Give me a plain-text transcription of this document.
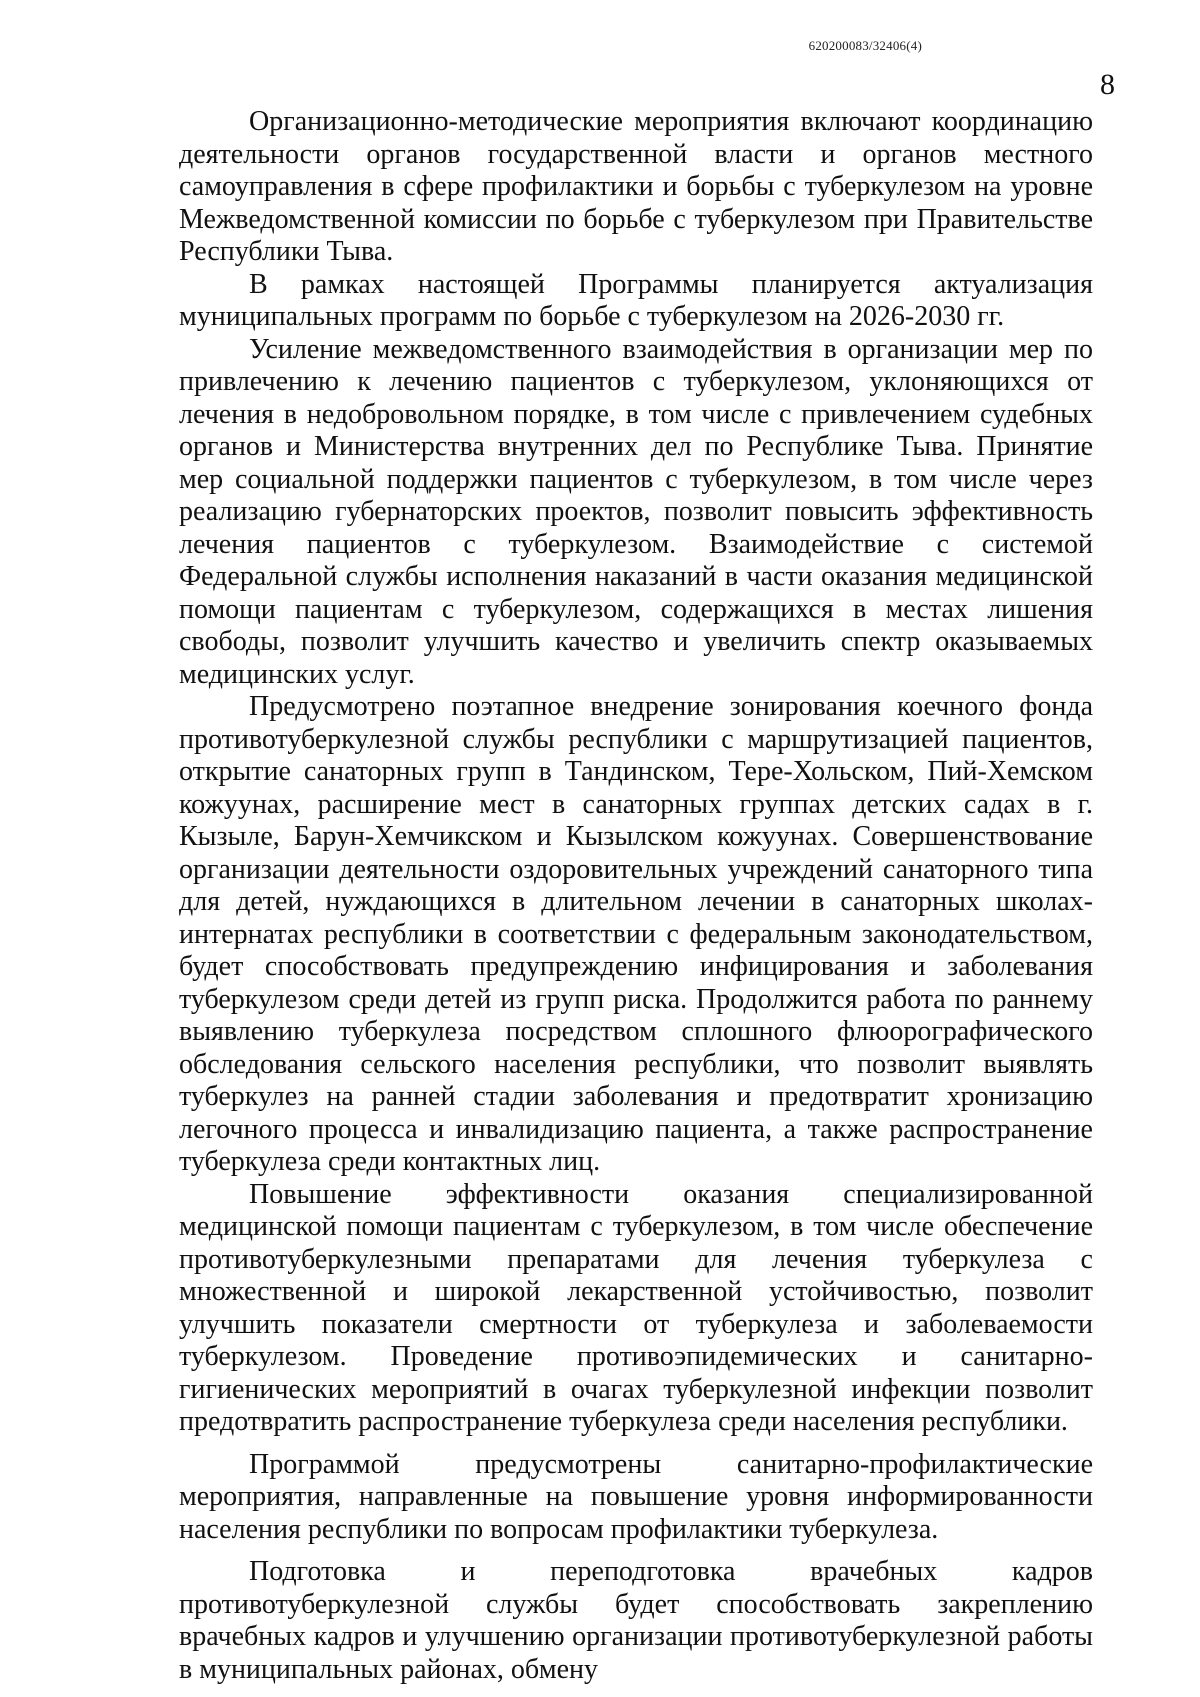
620200083/32406(4)
8

Организационно-методические мероприятия включают координацию деятельности органов государственной власти и органов местного самоуправления в сфере профилактики и борьбы с туберкулезом на уровне Межведомственной комиссии по борьбе с туберкулезом при Правительстве Республики Тыва.

В рамках настоящей Программы планируется актуализация муниципальных программ по борьбе с туберкулезом на 2026-2030 гг.

Усиление межведомственного взаимодействия в организации мер по привлечению к лечению пациентов с туберкулезом, уклоняющихся от лечения в недобровольном порядке, в том числе с привлечением судебных органов и Министерства внутренних дел по Республике Тыва. Принятие мер социальной поддержки пациентов с туберкулезом, в том числе через реализацию губернаторских проектов, позволит повысить эффективность лечения пациентов с туберкулезом. Взаимодействие с системой Федеральной службы исполнения наказаний в части оказания медицинской помощи пациентам с туберкулезом, содержащихся в местах лишения свободы, позволит улучшить качество и увеличить спектр оказываемых медицинских услуг.

Предусмотрено поэтапное внедрение зонирования коечного фонда противотуберкулезной службы республики с маршрутизацией пациентов, открытие санаторных групп в Тандинском, Тере-Хольском, Пий-Хемском кожуунах, расширение мест в санаторных группах детских садах в г. Кызыле, Барун-Хемчикском и Кызылском кожуунах. Совершенствование организации деятельности оздоровительных учреждений санаторного типа для детей, нуждающихся в длительном лечении в санаторных школах-интернатах республики в соответствии с федеральным законодательством, будет способствовать предупреждению инфицирования и заболевания туберкулезом среди детей из групп риска. Продолжится работа по раннему выявлению туберкулеза посредством сплошного флюорографического обследования сельского населения республики, что позволит выявлять туберкулез на ранней стадии заболевания и предотвратит хронизацию легочного процесса и инвалидизацию пациента, а также распространение туберкулеза среди контактных лиц.

Повышение эффективности оказания специализированной медицинской помощи пациентам с туберкулезом, в том числе обеспечение противотуберкулезными препаратами для лечения туберкулеза с множественной и широкой лекарственной устойчивостью, позволит улучшить показатели смертности от туберкулеза и заболеваемости туберкулезом. Проведение противоэпидемических и санитарно-гигиенических мероприятий в очагах туберкулезной инфекции позволит предотвратить распространение туберкулеза среди населения республики.

Программой предусмотрены санитарно-профилактические мероприятия, направленные на повышение уровня информированности населения республики по вопросам профилактики туберкулеза.

Подготовка и переподготовка врачебных кадров противотуберкулезной службы будет способствовать закреплению врачебных кадров и улучшению организации противотуберкулезной работы в муниципальных районах, обмену
